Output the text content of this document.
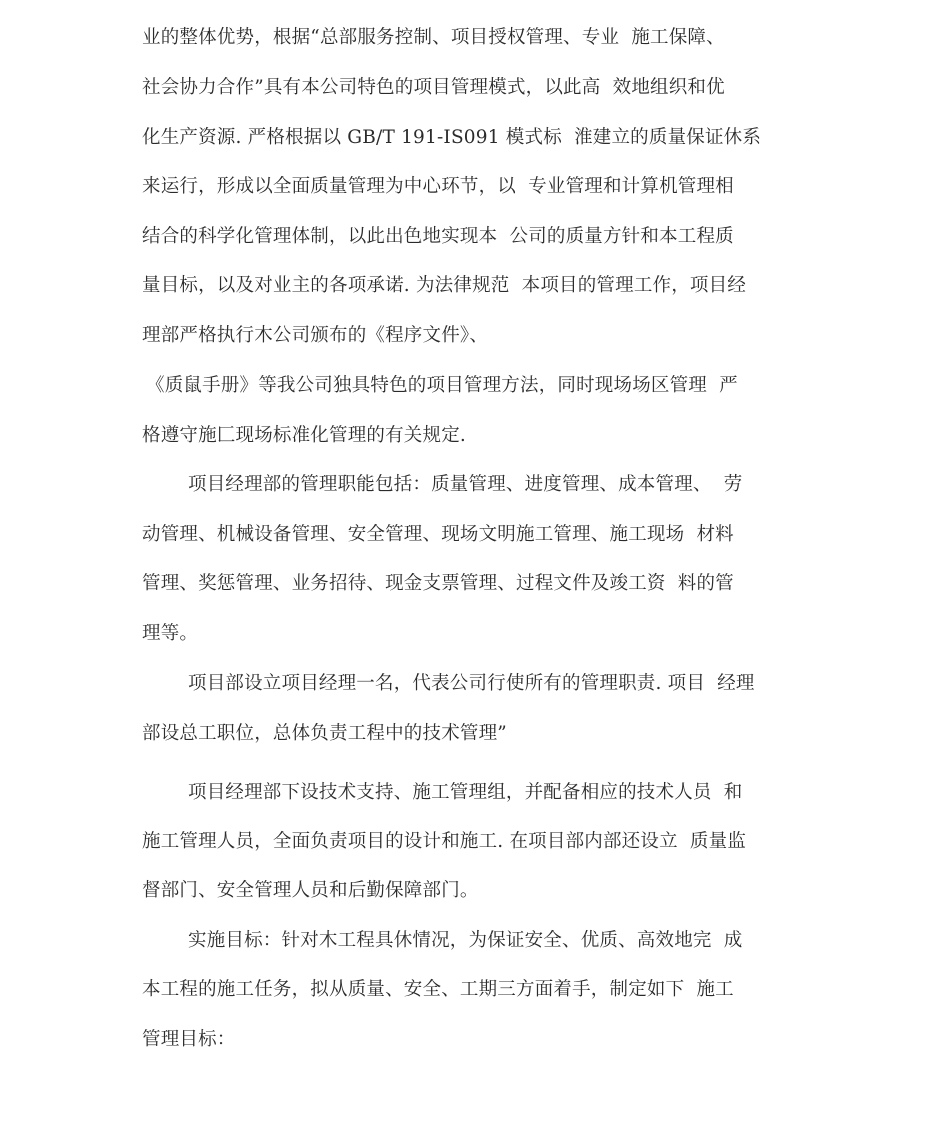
业的整体优势，根据“总部服务控制、项目授权管理、专业  施工保障、
社会协力合作”具有本公司特色的项目管理模式，以此高  效地组织和优
化生产资源. 严格根据以 GB/T 191-IS091 模式标  淮建立的质量保证休系
来运行，形成以全面质量管理为中心环节，以  专业管理和计算机管理相
结合的科学化管理体制，以此出色地实现本  公司的质量方针和本工程质
量目标，以及对业主的各项承诺. 为法律规范  本项目的管理工作，项目经
理部严格执行木公司颁布的《程序文件》、
《质鼠手册》等我公司独具特色的项目管理方法，同时现场场区管理  严
格遵守施匚现场标准化管理的有关规定.
项目经理部的管理职能包括：质量管理、进度管理、成本管理、  劳
动管理、机械设备管理、安全管理、现场文明施工管理、施工现场  材料
管理、奖惩管理、业务招待、现金支票管理、过程文件及竣工资  料的管
理等。
项目部设立项目经理一名，代表公司行使所有的管理职责. 项目  经理
部设总工职位，总体负责工程中的技术管理”
项目经理部下设技术支持、施工管理组，并配备相应的技术人员  和
施工管理人员，全面负责项目的设计和施工. 在项目部内部还设立  质量监
督部门、安全管理人员和后勤保障部门。
实施目标：针对木工程具休情况，为保证安全、优质、高效地完  成
本工程的施工任务，拟从质量、安全、工期三方面着手，制定如下  施工
管理目标：
